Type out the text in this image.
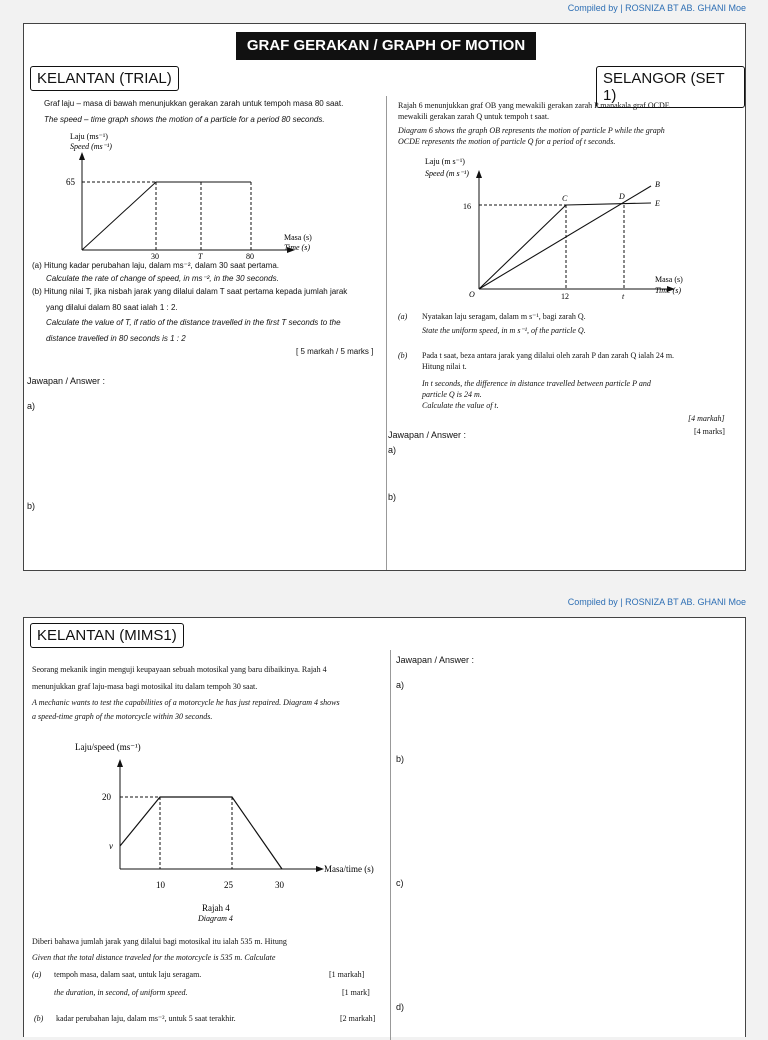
Compiled by | ROSNIZA BT AB. GHANI Moe
GRAF GERAKAN / GRAPH OF MOTION
KELANTAN (TRIAL)
Graf laju – masa di bawah menunjukkan gerakan zarah untuk tempoh masa 80 saat.
The speed – time graph shows the motion of a particle for a period 80 seconds.
Laju (ms⁻¹)
Speed (ms⁻¹)
65
30	T	80
Masa (s)
Time (s)
(a) Hitung kadar perubahan laju, dalam ms⁻², dalam 30 saat pertama.
Calculate the rate of change of speed, in ms⁻², in the 30 seconds.
(b) Hitung nilai T, jika nisbah jarak yang dilalui dalam T saat pertama kepada jumlah jarak
yang dilalui dalam 80 saat ialah 1 : 2.
Calculate the value of T, if ratio of the distance travelled in the first T seconds to the
distance travelled in 80 seconds is 1 : 2
[ 5 markah / 5 marks ]
Jawapan / Answer :
a)
b)
SELANGOR (SET 1)
Rajah 6 menunjukkan graf OB yang mewakili gerakan zarah P manakala graf OCDE
mewakili gerakan zarah Q untuk tempoh t saat.
Diagram 6 shows the graph OB represents the motion of particle P while the graph
OCDE represents the motion of particle Q for a period of t seconds.
Laju (m s⁻¹)
Speed (m s⁻¹)
C	D
B
E
16
O	12	t
Masa (s)
Time (s)
(a) Nyatakan laju seragam, dalam m s⁻¹, bagi zarah Q.
State the uniform speed, in m s⁻¹, of the particle Q.
(b) Pada t saat, beza antara jarak yang dilalui oleh zarah P dan zarah Q ialah 24 m.
Hitung nilai t.
In t seconds, the difference in distance travelled between particle P and
particle Q is 24 m.
Calculate the value of t.
[4 markah]
[4 marks]
Jawapan / Answer :
a)
b)
Compiled by | ROSNIZA BT AB. GHANI Moe
KELANTAN (MIMS1)
Seorang mekanik ingin menguji keupayaan sebuah motosikal yang baru dibaikinya. Rajah 4
menunjukkan graf laju-masa bagi motosikal itu dalam tempoh 30 saat.
A mechanic wants to test the capabilities of a motorcycle he has just repaired. Diagram 4 shows
a speed-time graph of the motorcycle within 30 seconds.
Laju/speed (ms⁻¹)
20
v
10	25	30
Masa/time (s)
Rajah 4
Diagram 4
Diberi bahawa jumlah jarak yang dilalui bagi motosikal itu ialah 535 m. Hitung
Given that the total distance traveled for the motorcycle is 535 m. Calculate
(a) tempoh masa, dalam saat, untuk laju seragam.	[1 markah]
the duration, in second, of uniform speed.	[1 mark]
(b) kadar perubahan laju, dalam ms⁻², untuk 5 saat terakhir.	[2 markah]
Jawapan / Answer :
a)
b)
c)
d)
